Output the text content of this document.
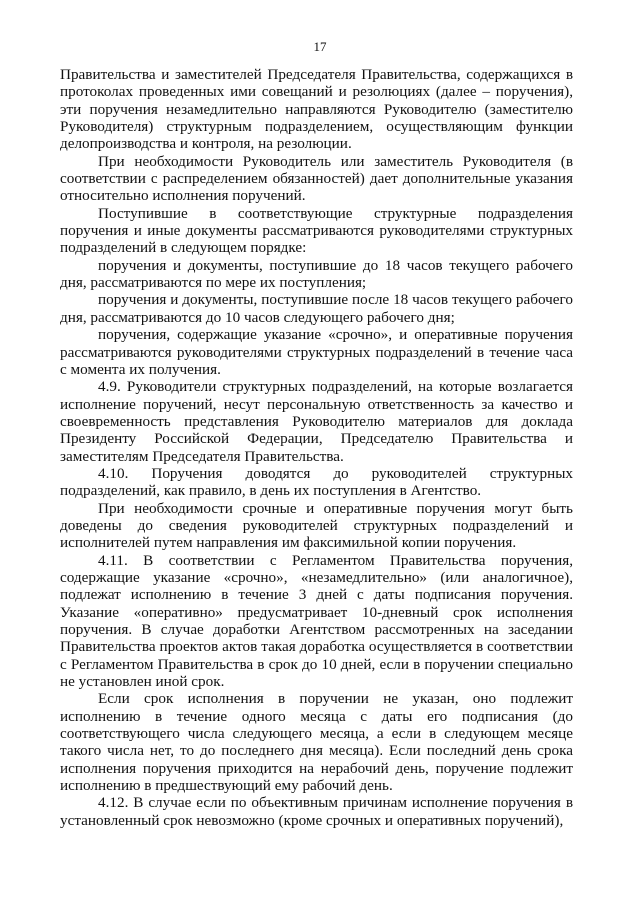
17

Правительства и заместителей Председателя Правительства, содержащихся в протоколах проведенных ими совещаний и резолюциях (далее – поручения), эти поручения незамедлительно направляются Руководителю (заместителю Руководителя) структурным подразделением, осуществляющим функции делопроизводства и контроля, на резолюции.

При необходимости Руководитель или заместитель Руководителя (в соответствии с распределением обязанностей) дает дополнительные указания относительно исполнения поручений.

Поступившие в соответствующие структурные подразделения поручения и иные документы рассматриваются руководителями структурных подразделений в следующем порядке:

поручения и документы, поступившие до 18 часов текущего рабочего дня, рассматриваются по мере их поступления;

поручения и документы, поступившие после 18 часов текущего рабочего дня, рассматриваются до 10 часов следующего рабочего дня;

поручения, содержащие указание «срочно», и оперативные поручения рассматриваются руководителями структурных подразделений в течение часа с момента их получения.

4.9. Руководители структурных подразделений, на которые возлагается исполнение поручений, несут персональную ответственность за качество и своевременность представления Руководителю материалов для доклада Президенту Российской Федерации, Председателю Правительства и заместителям Председателя Правительства.

4.10. Поручения доводятся до руководителей структурных подразделений, как правило, в день их поступления в Агентство.

При необходимости срочные и оперативные поручения могут быть доведены до сведения руководителей структурных подразделений и исполнителей путем направления им факсимильной копии поручения.

4.11. В соответствии с Регламентом Правительства поручения, содержащие указание «срочно», «незамедлительно» (или аналогичное), подлежат исполнению в течение 3 дней с даты подписания поручения. Указание «оперативно» предусматривает 10-дневный срок исполнения поручения. В случае доработки Агентством рассмотренных на заседании Правительства проектов актов такая доработка осуществляется в соответствии с Регламентом Правительства в срок до 10 дней, если в поручении специально не установлен иной срок.

Если срок исполнения в поручении не указан, оно подлежит исполнению в течение одного месяца с даты его подписания (до соответствующего числа следующего месяца, а если в следующем месяце такого числа нет, то до последнего дня месяца). Если последний день срока исполнения поручения приходится на нерабочий день, поручение подлежит исполнению в предшествующий ему рабочий день.

4.12. В случае если по объективным причинам исполнение поручения в установленный срок невозможно (кроме срочных и оперативных поручений),
